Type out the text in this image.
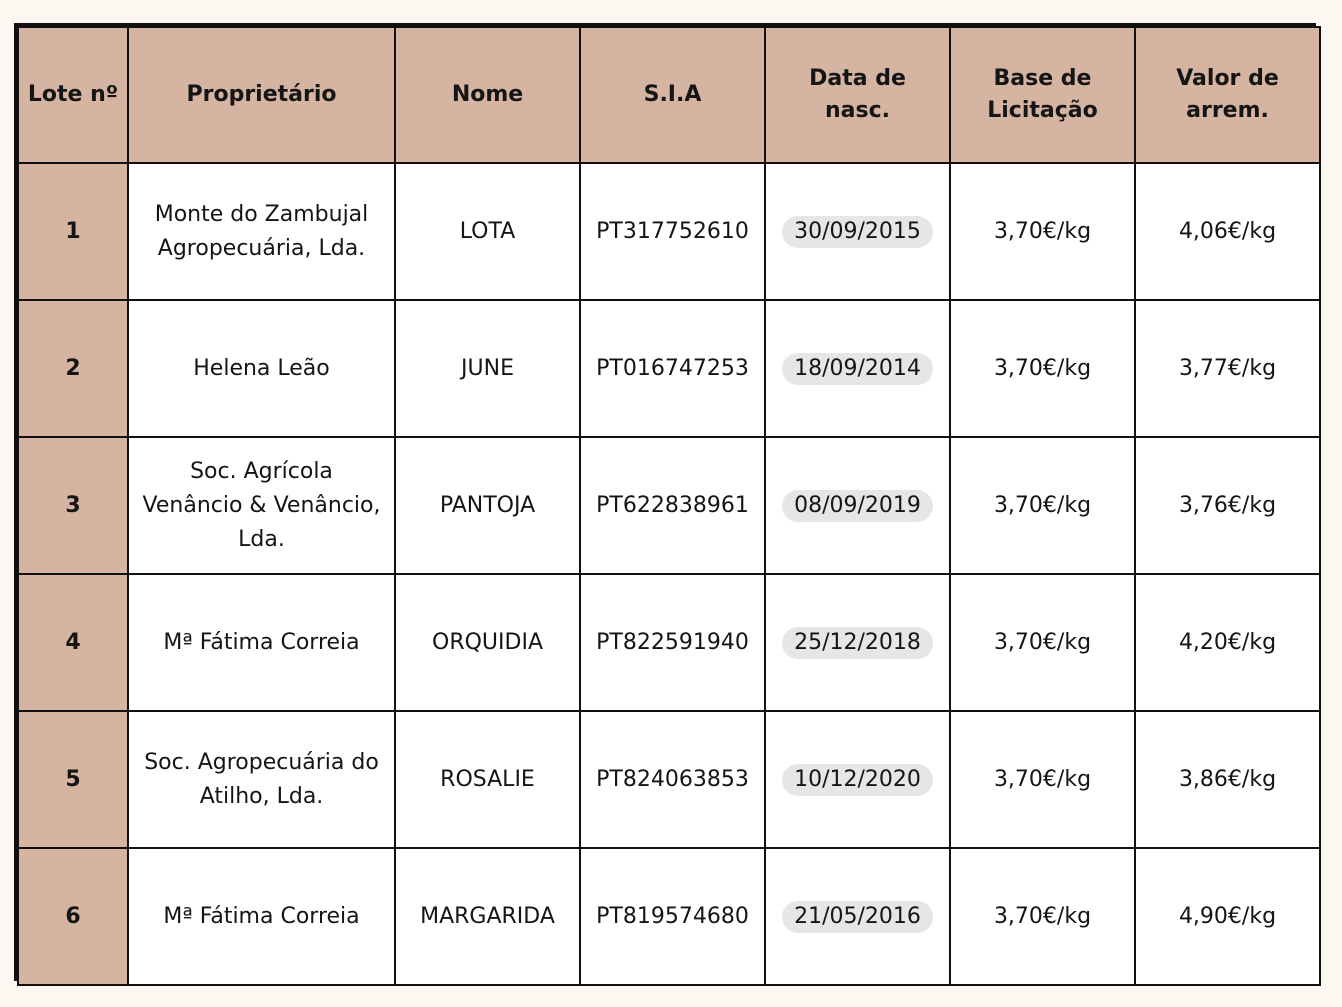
Lote nº	Proprietário	Nome	S.I.A	Data de nasc.	Base de Licitação	Valor de arrem.
1	Monte do Zambujal Agropecuária, Lda.	LOTA	PT317752610	30/09/2015	3,70€/kg	4,06€/kg
2	Helena Leão	JUNE	PT016747253	18/09/2014	3,70€/kg	3,77€/kg
3	Soc. Agrícola Venâncio & Venâncio, Lda.	PANTOJA	PT622838961	08/09/2019	3,70€/kg	3,76€/kg
4	Mª Fátima Correia	ORQUIDIA	PT822591940	25/12/2018	3,70€/kg	4,20€/kg
5	Soc. Agropecuária do Atilho, Lda.	ROSALIE	PT824063853	10/12/2020	3,70€/kg	3,86€/kg
6	Mª Fátima Correia	MARGARIDA	PT819574680	21/05/2016	3,70€/kg	4,90€/kg
